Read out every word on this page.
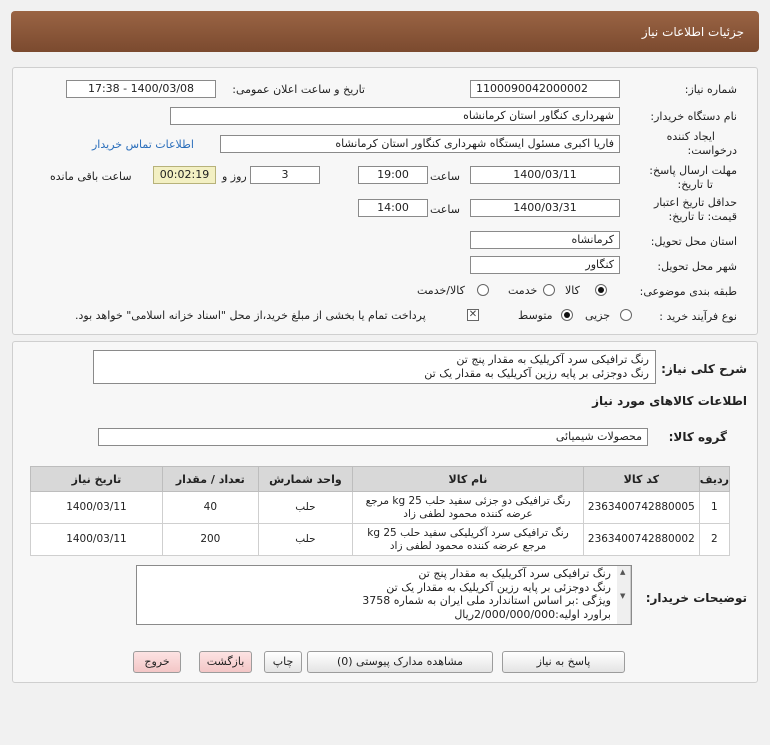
جزئیات اطلاعات نیاز
شماره نیاز:
1100090042000002
تاریخ و ساعت اعلان عمومی:
1400/03/08 - 17:38
نام دستگاه خریدار:
شهرداری کنگاور استان کرمانشاه
ایجاد کننده
درخواست:
فاریا اکبری مسئول ایستگاه شهرداری کنگاور استان کرمانشاه
اطلاعات تماس خریدار
مهلت ارسال پاسخ:
تا تاریخ:
1400/03/11
ساعت
19:00
3
روز و
00:02:19
ساعت باقی مانده
حداقل تاریخ اعتبار
قیمت: تا تاریخ:
1400/03/31
ساعت
14:00
استان محل تحویل:
کرمانشاه
شهر محل تحویل:
کنگاور
طبقه بندی موضوعی:
کالا
خدمت
کالا/خدمت
نوع فرآیند خرید :
جزیی
متوسط
✕
پرداخت تمام یا بخشی از مبلغ خرید،از محل "اسناد خزانه اسلامی" خواهد بود.
شرح کلی نیاز:
رنگ ترافیکی سرد آکریلیک به مقدار پنج تن
رنگ دوجزئی بر پایه رزین آکریلیک به مقدار یک تن
اطلاعات کالاهای مورد نیاز
گروه کالا:
محصولات شیمیائی
ردیف	کد کالا	نام کالا	واحد شمارش	تعداد / مقدار	تاریخ نیاز
1	2363400742880005	رنگ ترافیکی دو جزئی سفید حلب kg 25 مرجع عرضه کننده محمود لطفی زاد	حلب	40	1400/03/11
2	2363400742880002	رنگ ترافیکی سرد آکریلیکی سفید حلب kg 25 مرجع عرضه کننده محمود لطفی زاد	حلب	200	1400/03/11
توضیحات خریدار:
▲
▼
رنگ ترافیکی سرد آکریلیک به مقدار پنج تن
رنگ دوجزئی بر پایه رزین آکریلیک به مقدار یک تن
ویژگی :بر اساس استاندارد ملی ایران به شماره 3758
براورد اولیه:2/000/000/000ریال
پاسخ به نیاز
مشاهده مدارک پیوستی (0)
چاپ
بازگشت
خروج
